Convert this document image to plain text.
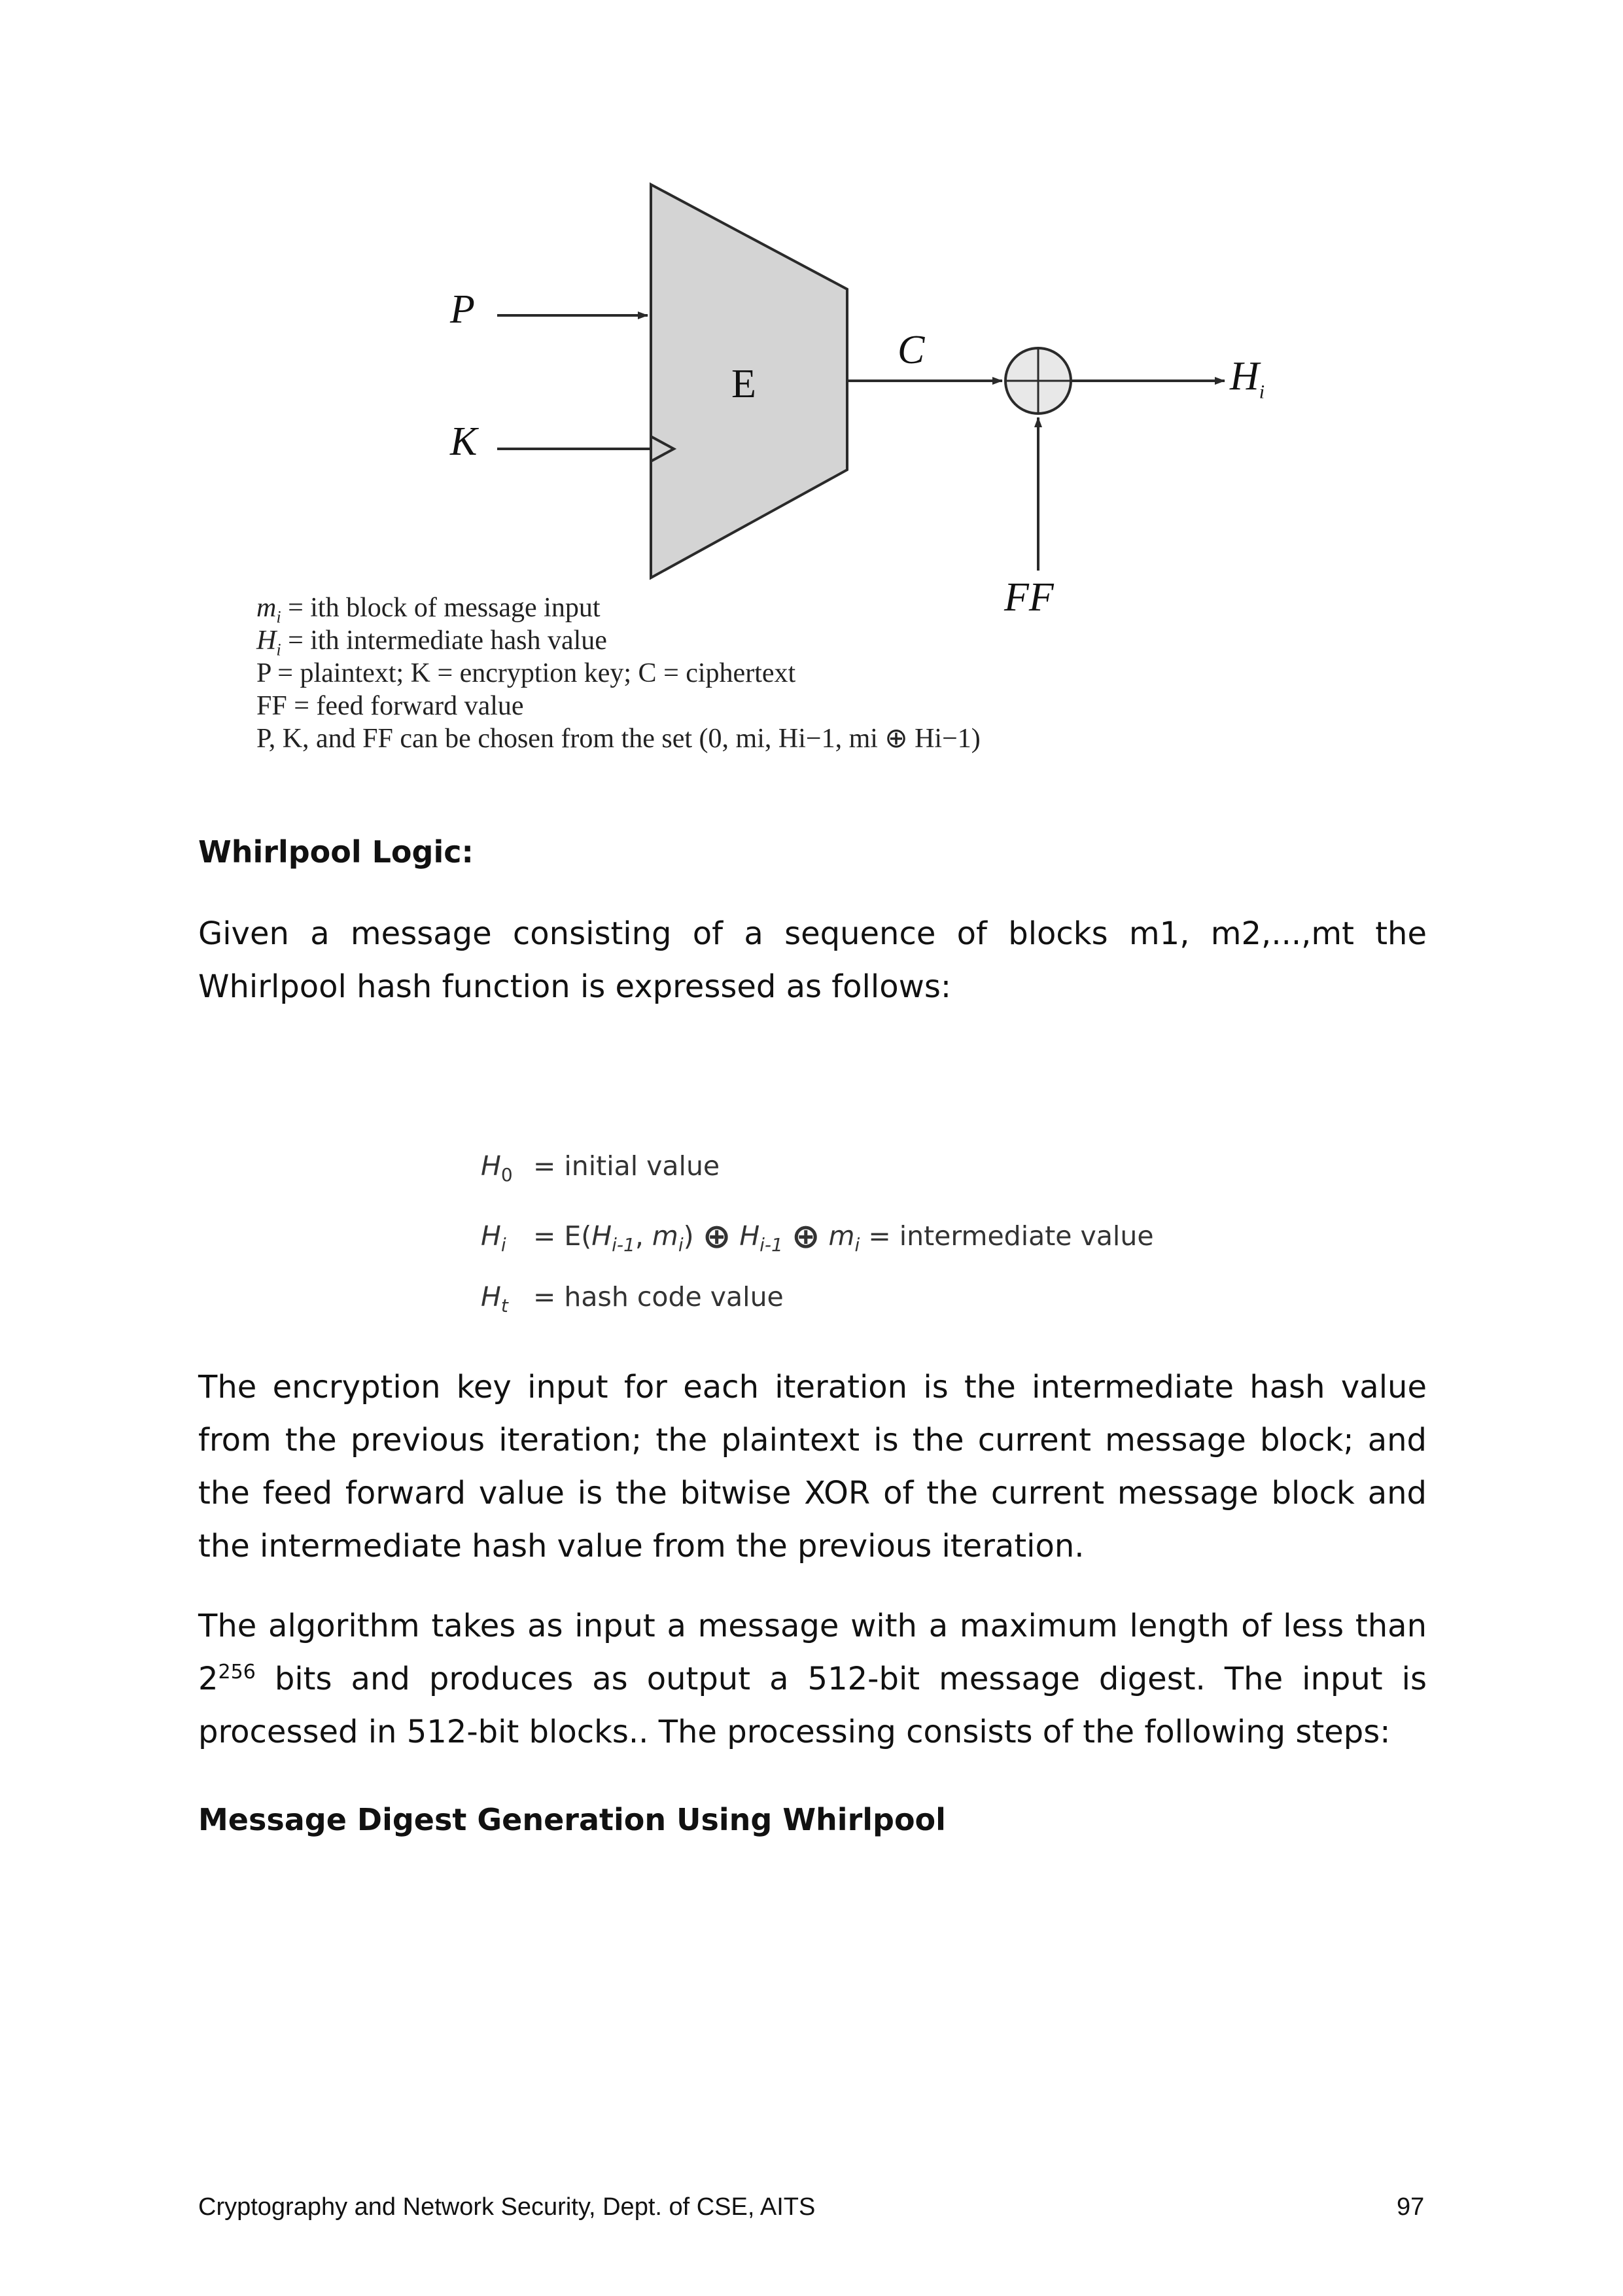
P
K
E
C
$H_i$
FF
$m_i$ = ith block of message input
$H_i$ = ith intermediate hash value
P = plaintext; K = encryption key; C = ciphertext
FF = feed forward value
P, K, and FF can be chosen from the set (0, mi, Hi−1, mi ⊕ Hi−1)
Whirlpool Logic:

Given a message consisting of a sequence of blocks m1, m2,...,mt the Whirlpool hash function is expressed as follows:

$H_0$ = initial value
$H_i = E(H_{i-1}$, $m_i$) ⊕ $H_{i-1}$ ⊕ $m_i$ = intermediate value
$H_t$ = hash code value

The encryption key input for each iteration is the intermediate hash value from the previous iteration; the plaintext is the current message block; and the feed forward value is the bitwise XOR of the current message block and the intermediate hash value from the previous iteration.

The algorithm takes as input a message with a maximum length of less than $2^{256}$ bits and produces as output a 512-bit message digest. The input is processed in 512-bit blocks.. The processing consists of the following steps:

Message Digest Generation Using Whirlpool
Cryptography and Network Security, Dept. of CSE, AITS	97
